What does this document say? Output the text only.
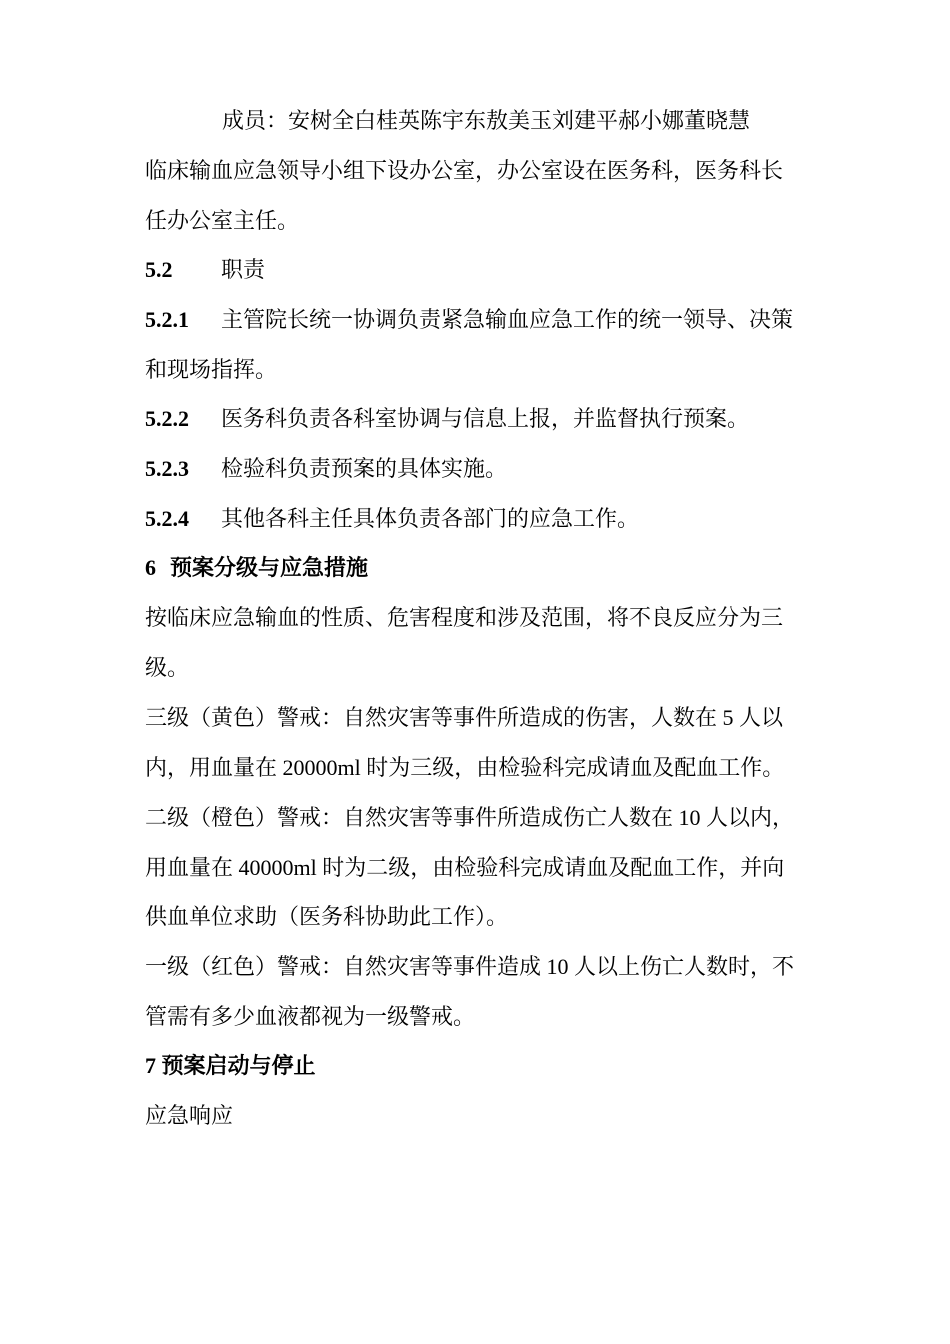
成员：安树全白桂英陈宇东敖美玉刘建平郝小娜董晓慧
临床输血应急领导小组下设办公室，办公室设在医务科，医务科长
任办公室主任。
5.2 职责
5.2.1 主管院长统一协调负责紧急输血应急工作的统一领导、决策
和现场指挥。
5.2.2 医务科负责各科室协调与信息上报，并监督执行预案。
5.2.3 检验科负责预案的具体实施。
5.2.4 其他各科主任具体负责各部门的应急工作。
6 预案分级与应急措施
按临床应急输血的性质、危害程度和涉及范围，将不良反应分为三
级。
三级（黄色）警戒：自然灾害等事件所造成的伤害，人数在 5 人以
内，用血量在 20000ml 时为三级，由检验科完成请血及配血工作。
二级（橙色）警戒：自然灾害等事件所造成伤亡人数在 10 人以内，
用血量在 40000ml 时为二级，由检验科完成请血及配血工作，并向
供血单位求助（医务科协助此工作）。
一级（红色）警戒：自然灾害等事件造成 10 人以上伤亡人数时，不
管需有多少血液都视为一级警戒。
7 预案启动与停止
应急响应
